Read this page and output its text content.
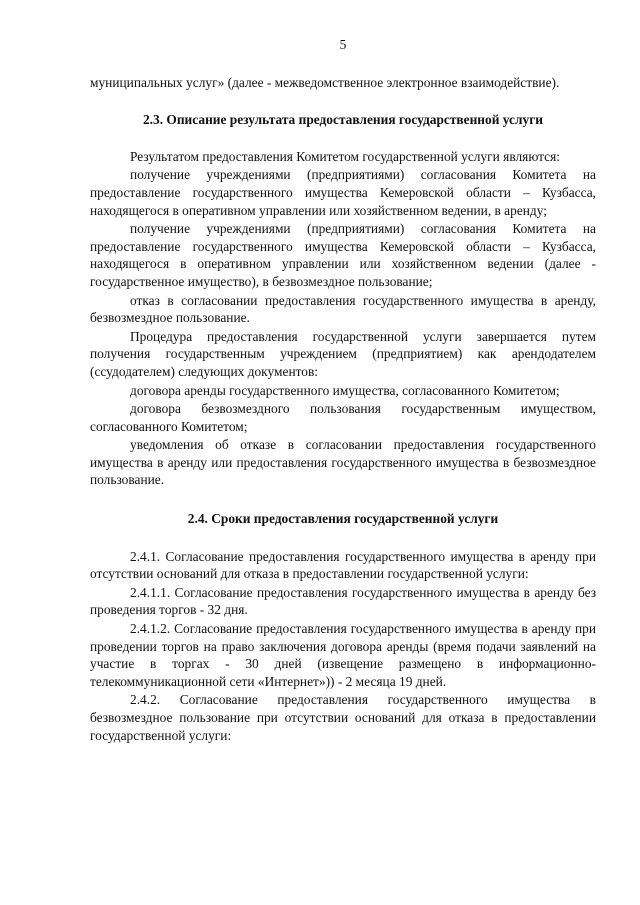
5

муниципальных услуг» (далее - межведомственное электронное взаимодействие).

2.3. Описание результата предоставления государственной услуги

Результатом предоставления Комитетом государственной услуги являются:

получение учреждениями (предприятиями) согласования Комитета на предоставление государственного имущества Кемеровской области – Кузбасса, находящегося в оперативном управлении или хозяйственном ведении, в аренду;

получение учреждениями (предприятиями) согласования Комитета на предоставление государственного имущества Кемеровской области – Кузбасса, находящегося в оперативном управлении или хозяйственном ведении (далее - государственное имущество), в безвозмездное пользование;

отказ в согласовании предоставления государственного имущества в аренду, безвозмездное пользование.

Процедура предоставления государственной услуги завершается путем получения государственным учреждением (предприятием) как арендодателем (ссудодателем) следующих документов:

договора аренды государственного имущества, согласованного Комитетом;

договора безвозмездного пользования государственным имуществом, согласованного Комитетом;

уведомления об отказе в согласовании предоставления государственного имущества в аренду или предоставления государственного имущества в безвозмездное пользование.

2.4. Сроки предоставления государственной услуги

2.4.1. Согласование предоставления государственного имущества в аренду при отсутствии оснований для отказа в предоставлении государственной услуги:

2.4.1.1. Согласование предоставления государственного имущества в аренду без проведения торгов - 32 дня.

2.4.1.2. Согласование предоставления государственного имущества в аренду при проведении торгов на право заключения договора аренды (время подачи заявлений на участие в торгах - 30 дней (извещение размещено в информационно-телекоммуникационной сети «Интернет»)) - 2 месяца 19 дней.

2.4.2. Согласование предоставления государственного имущества в безвозмездное пользование при отсутствии оснований для отказа в предоставлении государственной услуги:
